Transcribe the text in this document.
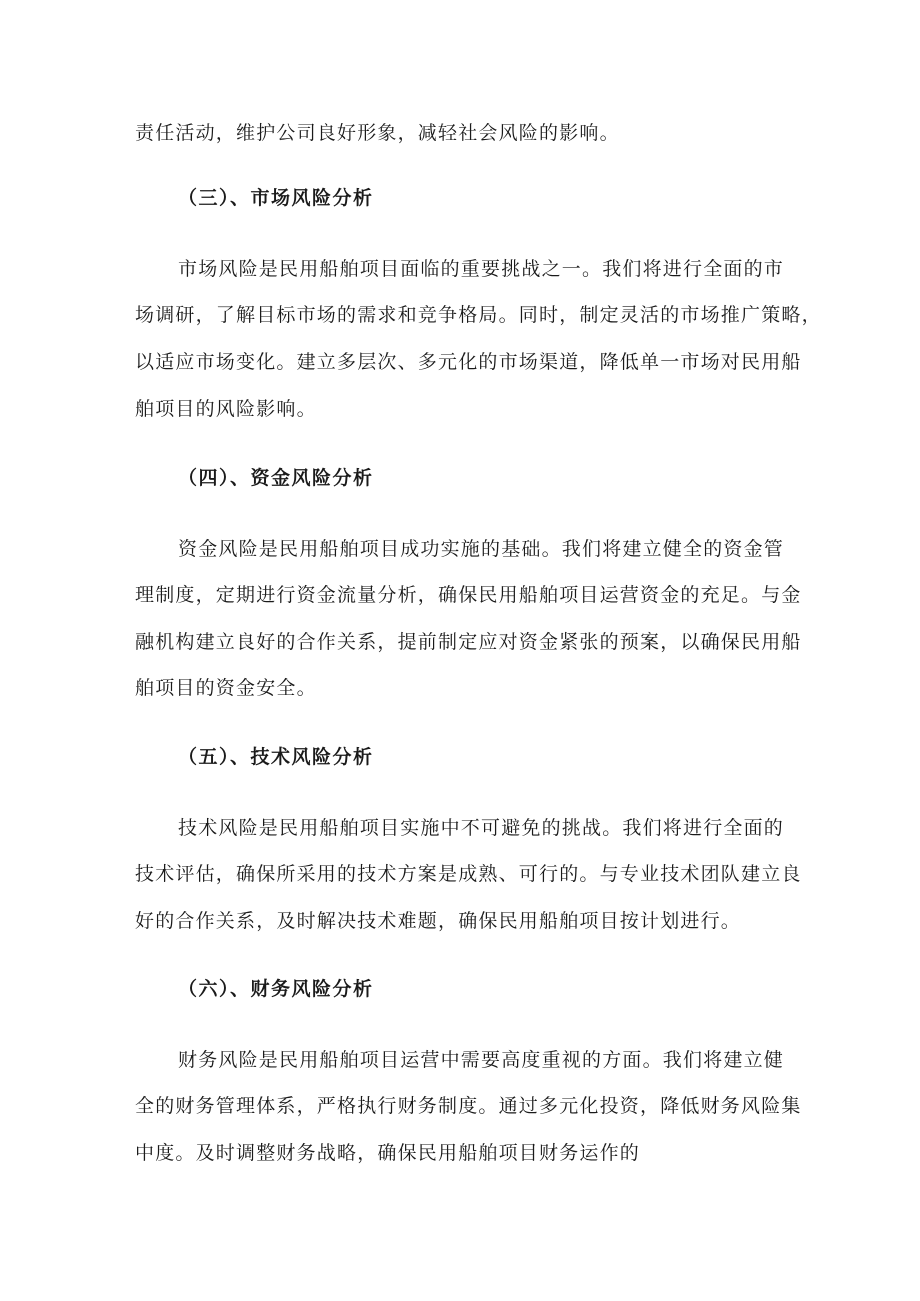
责任活动，维护公司良好形象，减轻社会风险的影响。
（三）、市场风险分析
市场风险是民用船舶项目面临的重要挑战之一。我们将进行全面的市
场调研，了解目标市场的需求和竞争格局。同时，制定灵活的市场推广策略，
以适应市场变化。建立多层次、多元化的市场渠道，降低单一市场对民用船
舶项目的风险影响。
（四）、资金风险分析
资金风险是民用船舶项目成功实施的基础。我们将建立健全的资金管
理制度，定期进行资金流量分析，确保民用船舶项目运营资金的充足。与金
融机构建立良好的合作关系，提前制定应对资金紧张的预案，以确保民用船
舶项目的资金安全。
（五）、技术风险分析
技术风险是民用船舶项目实施中不可避免的挑战。我们将进行全面的
技术评估，确保所采用的技术方案是成熟、可行的。与专业技术团队建立良
好的合作关系，及时解决技术难题，确保民用船舶项目按计划进行。
（六）、财务风险分析
财务风险是民用船舶项目运营中需要高度重视的方面。我们将建立健
全的财务管理体系，严格执行财务制度。通过多元化投资，降低财务风险集
中度。及时调整财务战略，确保民用船舶项目财务运作的
